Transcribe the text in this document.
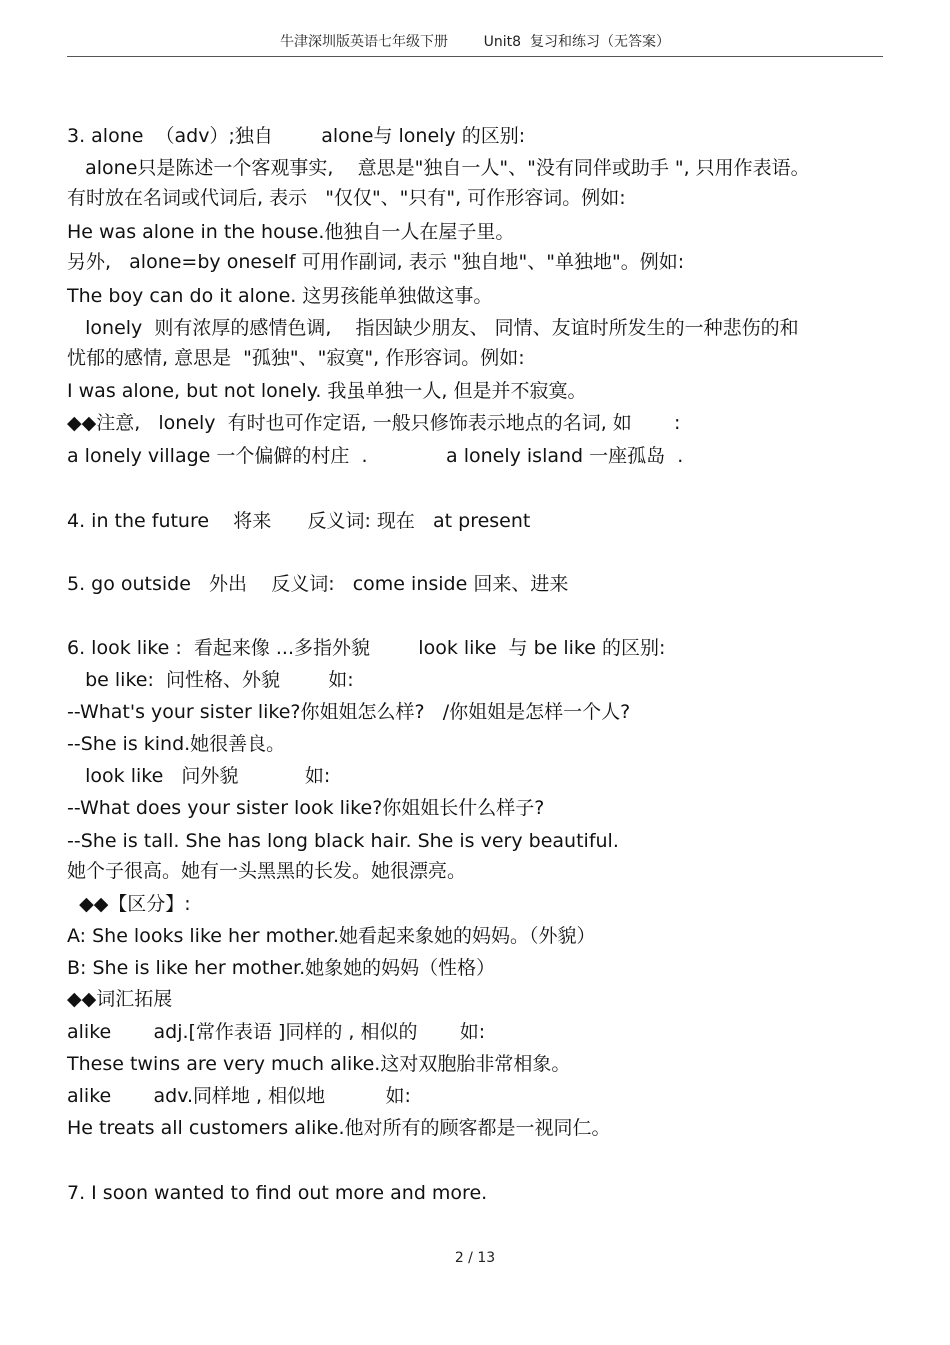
牛津深圳版英语七年级下册	Unit8  复习和练习（无答案）
3. alone  （adv）;独自        alone与 lonely 的区别:
alone只是陈述一个客观事实,    意思是"独自一人"、"没有同伴或助手 ", 只用作表语。
有时放在名词或代词后, 表示   "仅仅"、"只有", 可作形容词。例如:
He was alone in the house.他独自一人在屋子里。
另外,   alone=by oneself 可用作副词, 表示 "独自地"、"单独地"。例如:
The boy can do it alone. 这男孩能单独做这事。
lonely  则有浓厚的感情色调,    指因缺少朋友、 同情、友谊时所发生的一种悲伤的和
忧郁的感情, 意思是  "孤独"、"寂寞", 作形容词。例如:
I was alone, but not lonely. 我虽单独一人, 但是并不寂寞。
◆◆注意,   lonely  有时也可作定语, 一般只修饰表示地点的名词, 如       :
a lonely village 一个偏僻的村庄  .             a lonely island 一座孤岛  .
4. in the future    将来      反义词: 现在   at present
5. go outside   外出    反义词:   come inside 回来、进来
6. look like :  看起来像 ...多指外貌        look like  与 be like 的区别:
be like:  问性格、外貌        如:
--What's your sister like?你姐姐怎么样?   /你姐姐是怎样一个人?
--She is kind.她很善良。
look like   问外貌           如:
--What does your sister look like?你姐姐长什么样子?
--She is tall. She has long black hair. She is very beautiful.
她个子很高。她有一头黑黑的长发。她很漂亮。
◆◆【区分】:
A: She looks like her mother.她看起来象她的妈妈。（外貌）
B: She is like her mother.她象她的妈妈（性格）
◆◆词汇拓展
alike       adj.[常作表语 ]同样的 , 相似的       如:
These twins are very much alike.这对双胞胎非常相象。
alike       adv.同样地 , 相似地          如:
He treats all customers alike.他对所有的顾客都是一视同仁。
7. I soon wanted to find out more and more.
2 / 13
